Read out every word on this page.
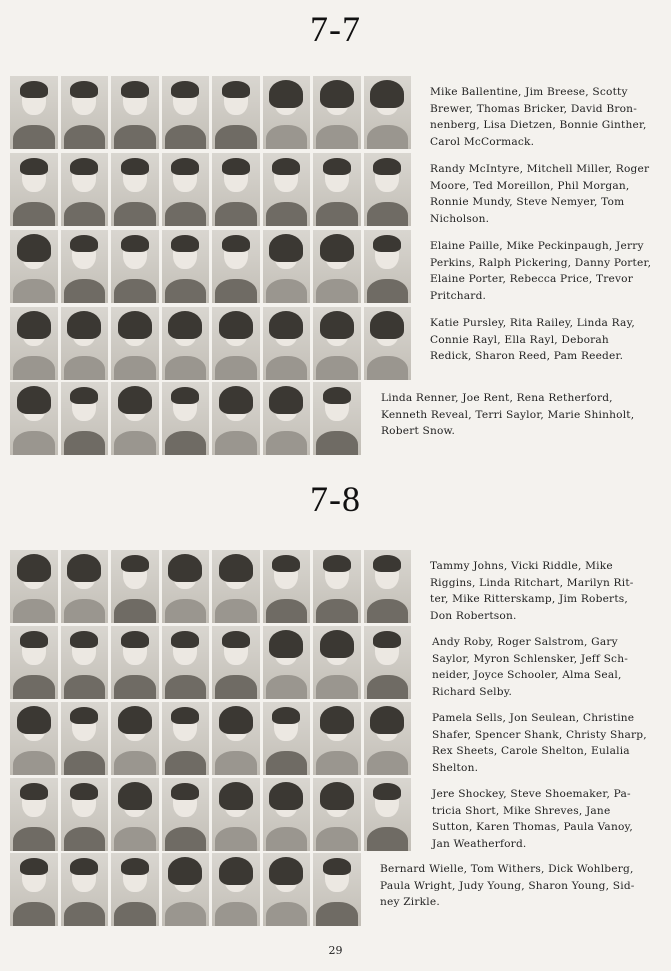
7-7
Mike Ballentine, Jim Breese, Scotty
Brewer, Thomas Bricker, David Bron-
nenberg, Lisa Dietzen, Bonnie Ginther,
Carol McCormack.
Randy McIntyre, Mitchell Miller, Roger
Moore, Ted Moreillon, Phil Morgan,
Ronnie Mundy, Steve Nemyer, Tom
Nicholson.
Elaine Paille, Mike Peckinpaugh, Jerry
Perkins, Ralph Pickering, Danny Porter,
Elaine Porter, Rebecca Price, Trevor
Pritchard.
Katie Pursley, Rita Railey, Linda Ray,
Connie Rayl, Ella Rayl, Deborah
Redick, Sharon Reed, Pam Reeder.
Linda Renner, Joe Rent, Rena Retherford,
Kenneth Reveal, Terri Saylor, Marie Shinholt,
Robert Snow.
7-8
Tammy Johns, Vicki Riddle, Mike
Riggins, Linda Ritchart, Marilyn Rit-
ter, Mike Ritterskamp, Jim Roberts,
Don Robertson.
Andy Roby, Roger Salstrom, Gary
Saylor, Myron Schlensker, Jeff Sch-
neider, Joyce Schooler, Alma Seal,
Richard Selby.
Pamela Sells, Jon Seulean, Christine
Shafer, Spencer Shank, Christy Sharp,
Rex Sheets, Carole Shelton, Eulalia
Shelton.
Jere Shockey, Steve Shoemaker, Pa-
tricia Short, Mike Shreves, Jane
Sutton, Karen Thomas, Paula Vanoy,
Jan Weatherford.
Bernard Wielle, Tom Withers, Dick Wohlberg,
Paula Wright, Judy Young, Sharon Young, Sid-
ney Zirkle.
29
